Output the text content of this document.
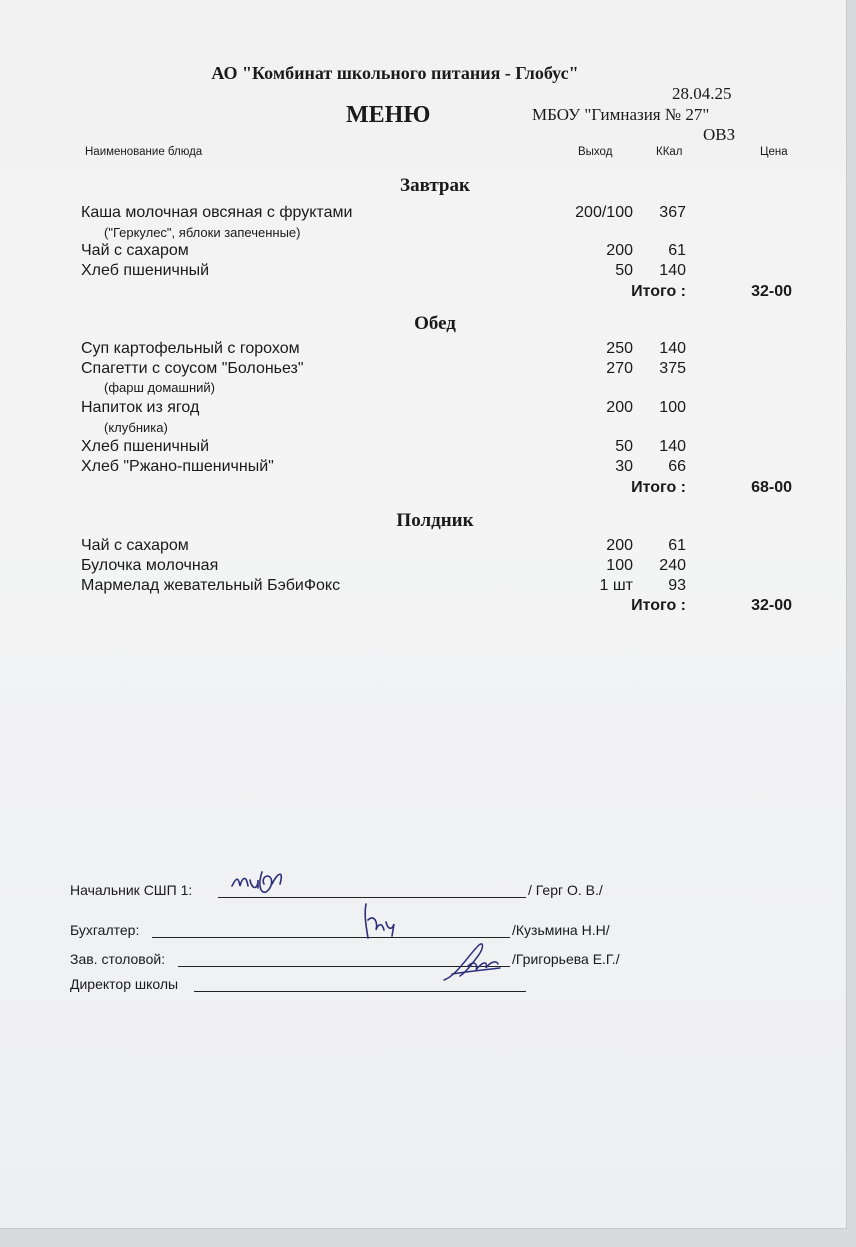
АО "Комбинат школьного питания - Глобус"
28.04.25
МЕНЮ	МБОУ "Гимназия № 27"
ОВЗ
Наименование блюда	Выход	ККал	Цена
Завтрак
Каша молочная овсяная с фруктами	200/100	367
("Геркулес", яблоки запеченные)
Чай с сахаром	200	61
Хлеб пшеничный	50	140
Итого :	32-00
Обед
Суп картофельный с горохом	250	140
Спагетти с соусом "Болоньез"	270	375
(фарш домашний)
Напиток из ягод	200	100
(клубника)
Хлеб пшеничный	50	140
Хлеб "Ржано-пшеничный"	30	66
Итого :	68-00
Полдник
Чай с сахаром	200	61
Булочка молочная	100	240
Мармелад жевательный БэбиФокс	1 шт	93
Итого :	32-00
Начальник СШП 1:	/ Герг О. В./
Бухгалтер:	/Кузьмина Н.Н/
Зав. столовой:	/Григорьева Е.Г./
Директор школы
